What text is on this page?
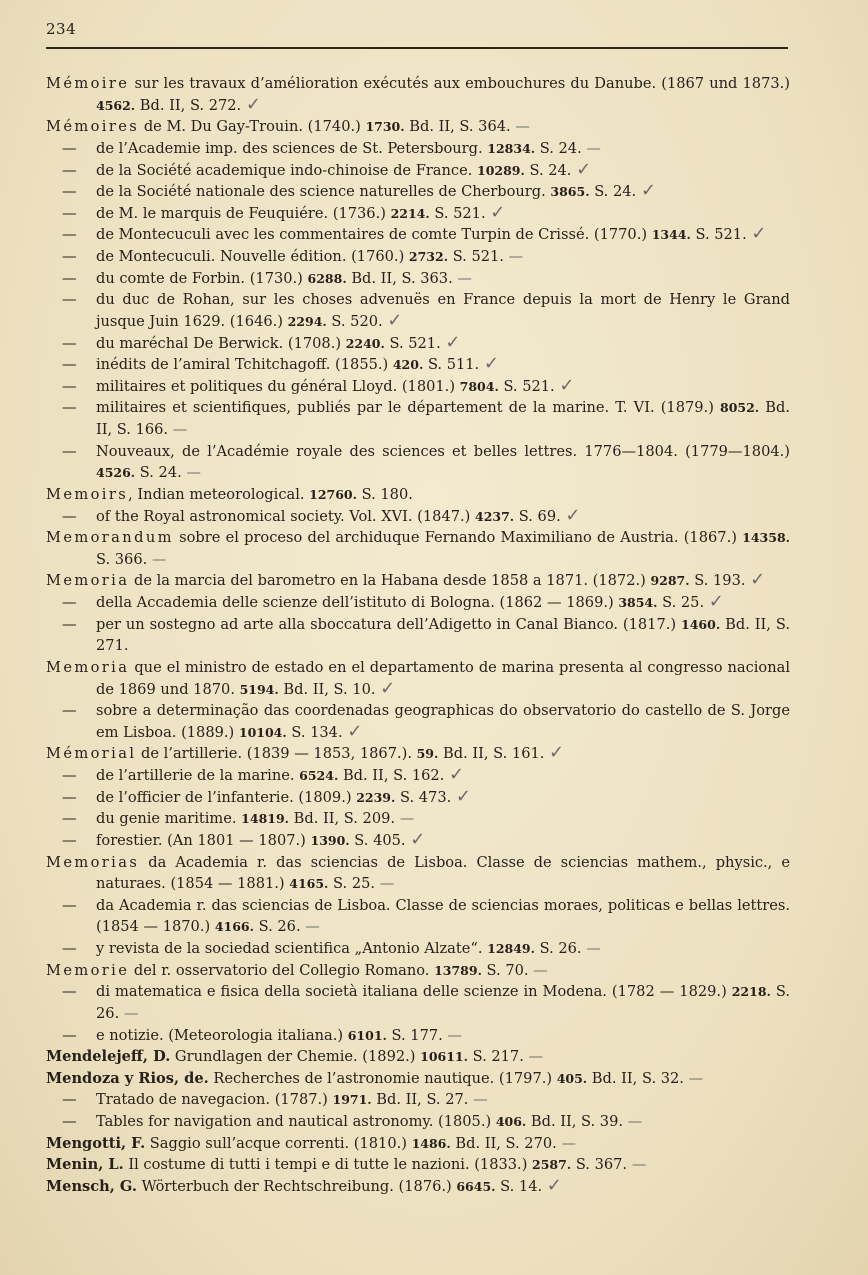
234

Mémoire sur les travaux d’amélioration exécutés aux embouchures du Danube. (1867 und 1873.) 4562. Bd. II, S. 272. ✓

Mémoires de M. Du Gay-Trouin. (1740.) 1730. Bd. II, S. 364. —

— de l’Academie imp. des sciences de St. Petersbourg. 12834. S. 24. —

— de la Société academique indo-chinoise de France. 10289. S. 24. ✓

— de la Société nationale des science naturelles de Cherbourg. 3865. S. 24. ✓

— de M. le marquis de Feuquiére. (1736.) 2214. S. 521. ✓

— de Montecuculi avec les commentaires de comte Turpin de Crissé. (1770.) 1344. S. 521. ✓

— de Montecuculi. Nouvelle édition. (1760.) 2732. S. 521. —

— du comte de Forbin. (1730.) 6288. Bd. II, S. 363. —

— du duc de Rohan, sur les choses advenuës en France depuis la mort de Henry le Grand jusque Juin 1629. (1646.) 2294. S. 520. ✓

— du maréchal De Berwick. (1708.) 2240. S. 521. ✓

— inédits de l’amiral Tchitchagoff. (1855.) 420. S. 511. ✓

— militaires et politiques du général Lloyd. (1801.) 7804. S. 521. ✓

— militaires et scientifiques, publiés par le département de la marine. T. VI. (1879.) 8052. Bd. II, S. 166. —

— Nouveaux, de l’Académie royale des sciences et belles lettres. 1776—1804. (1779—1804.) 4526. S. 24. —

Memoirs, Indian meteorological. 12760. S. 180.

— of the Royal astronomical society. Vol. XVI. (1847.) 4237. S. 69. ✓

Memorandum sobre el proceso del archiduque Fernando Maximiliano de Austria. (1867.) 14358. S. 366. —

Memoria de la marcia del barometro en la Habana desde 1858 a 1871. (1872.) 9287. S. 193. ✓

— della Accademia delle scienze dell’istituto di Bologna. (1862 — 1869.) 3854. S. 25. ✓

— per un sostegno ad arte alla sboccatura dell’Adigetto in Canal Bianco. (1817.) 1460. Bd. II, S. 271.

Memoria que el ministro de estado en el departamento de marina presenta al congresso nacional de 1869 und 1870. 5194. Bd. II, S. 10. ✓

— sobre a determinação das coordenadas geographicas do observatorio do castello de S. Jorge em Lisboa. (1889.) 10104. S. 134. ✓

Mémorial de l’artillerie. (1839 — 1853, 1867.). 59. Bd. II, S. 161. ✓

— de l’artillerie de la marine. 6524. Bd. II, S. 162. ✓

— de l’officier de l’infanterie. (1809.) 2239. S. 473. ✓

— du genie maritime. 14819. Bd. II, S. 209. —

— forestier. (An 1801 — 1807.) 1390. S. 405. ✓

Memorias da Academia r. das sciencias de Lisboa. Classe de sciencias mathem., physic., e naturaes. (1854 — 1881.) 4165. S. 25. —

— da Academia r. das sciencias de Lisboa. Classe de sciencias moraes, politicas e bellas lettres. (1854 — 1870.) 4166. S. 26. —

— y revista de la sociedad scientifica „Antonio Alzate“. 12849. S. 26. —

Memorie del r. osservatorio del Collegio Romano. 13789. S. 70. —

— di matematica e fisica della società italiana delle scienze in Modena. (1782 — 1829.) 2218. S. 26. —

— e notizie. (Meteorologia italiana.) 6101. S. 177. —

Mendelejeff, D. Grundlagen der Chemie. (1892.) 10611. S. 217. —

Mendoza y Rios, de. Recherches de l’astronomie nautique. (1797.) 405. Bd. II, S. 32. —

— Tratado de navegacion. (1787.) 1971. Bd. II, S. 27. —

— Tables for navigation and nautical astronomy. (1805.) 406. Bd. II, S. 39. —

Mengotti, F. Saggio sull’acque correnti. (1810.) 1486. Bd. II, S. 270. —

Menin, L. Il costume di tutti i tempi e di tutte le nazioni. (1833.) 2587. S. 367. —

Mensch, G. Wörterbuch der Rechtschreibung. (1876.) 6645. S. 14. ✓
